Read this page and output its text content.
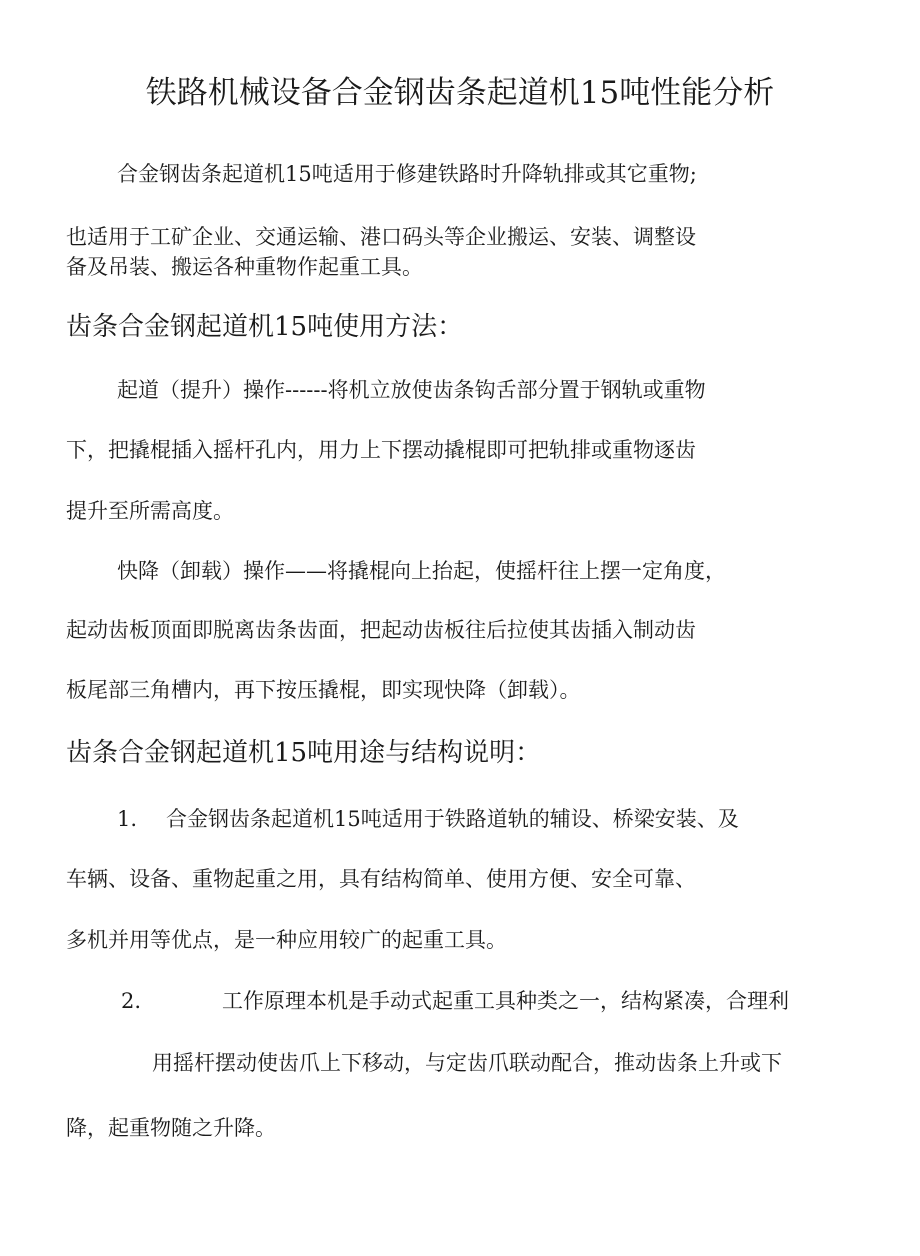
铁路机械设备合金钢齿条起道机15吨性能分析
合金钢齿条起道机15吨适用于修建铁路时升降轨排或其它重物;
也适用于工矿企业、交通运输、港口码头等企业搬运、安装、调整设
备及吊装、搬运各种重物作起重工具。
齿条合金钢起道机15吨使用方法：
起道（提升）操作------将机立放使齿条钩舌部分置于钢轨或重物
下，把撬棍插入摇杆孔内，用力上下摆动撬棍即可把轨排或重物逐齿
提升至所需高度。
快降（卸载）操作——将撬棍向上抬起，使摇杆往上摆一定角度，
起动齿板顶面即脱离齿条齿面，把起动齿板往后拉使其齿插入制动齿
板尾部三角槽内，再下按压撬棍，即实现快降（卸载）。
齿条合金钢起道机15吨用途与结构说明：
1. 合金钢齿条起道机15吨适用于铁路道轨的辅设、桥梁安装、及
车辆、设备、重物起重之用，具有结构简单、使用方便、安全可靠、
多机并用等优点，是一种应用较广的起重工具。
2.	工作原理本机是手动式起重工具种类之一，结构紧凑，合理利
用摇杆摆动使齿爪上下移动，与定齿爪联动配合，推动齿条上升或下
降，起重物随之升降。
